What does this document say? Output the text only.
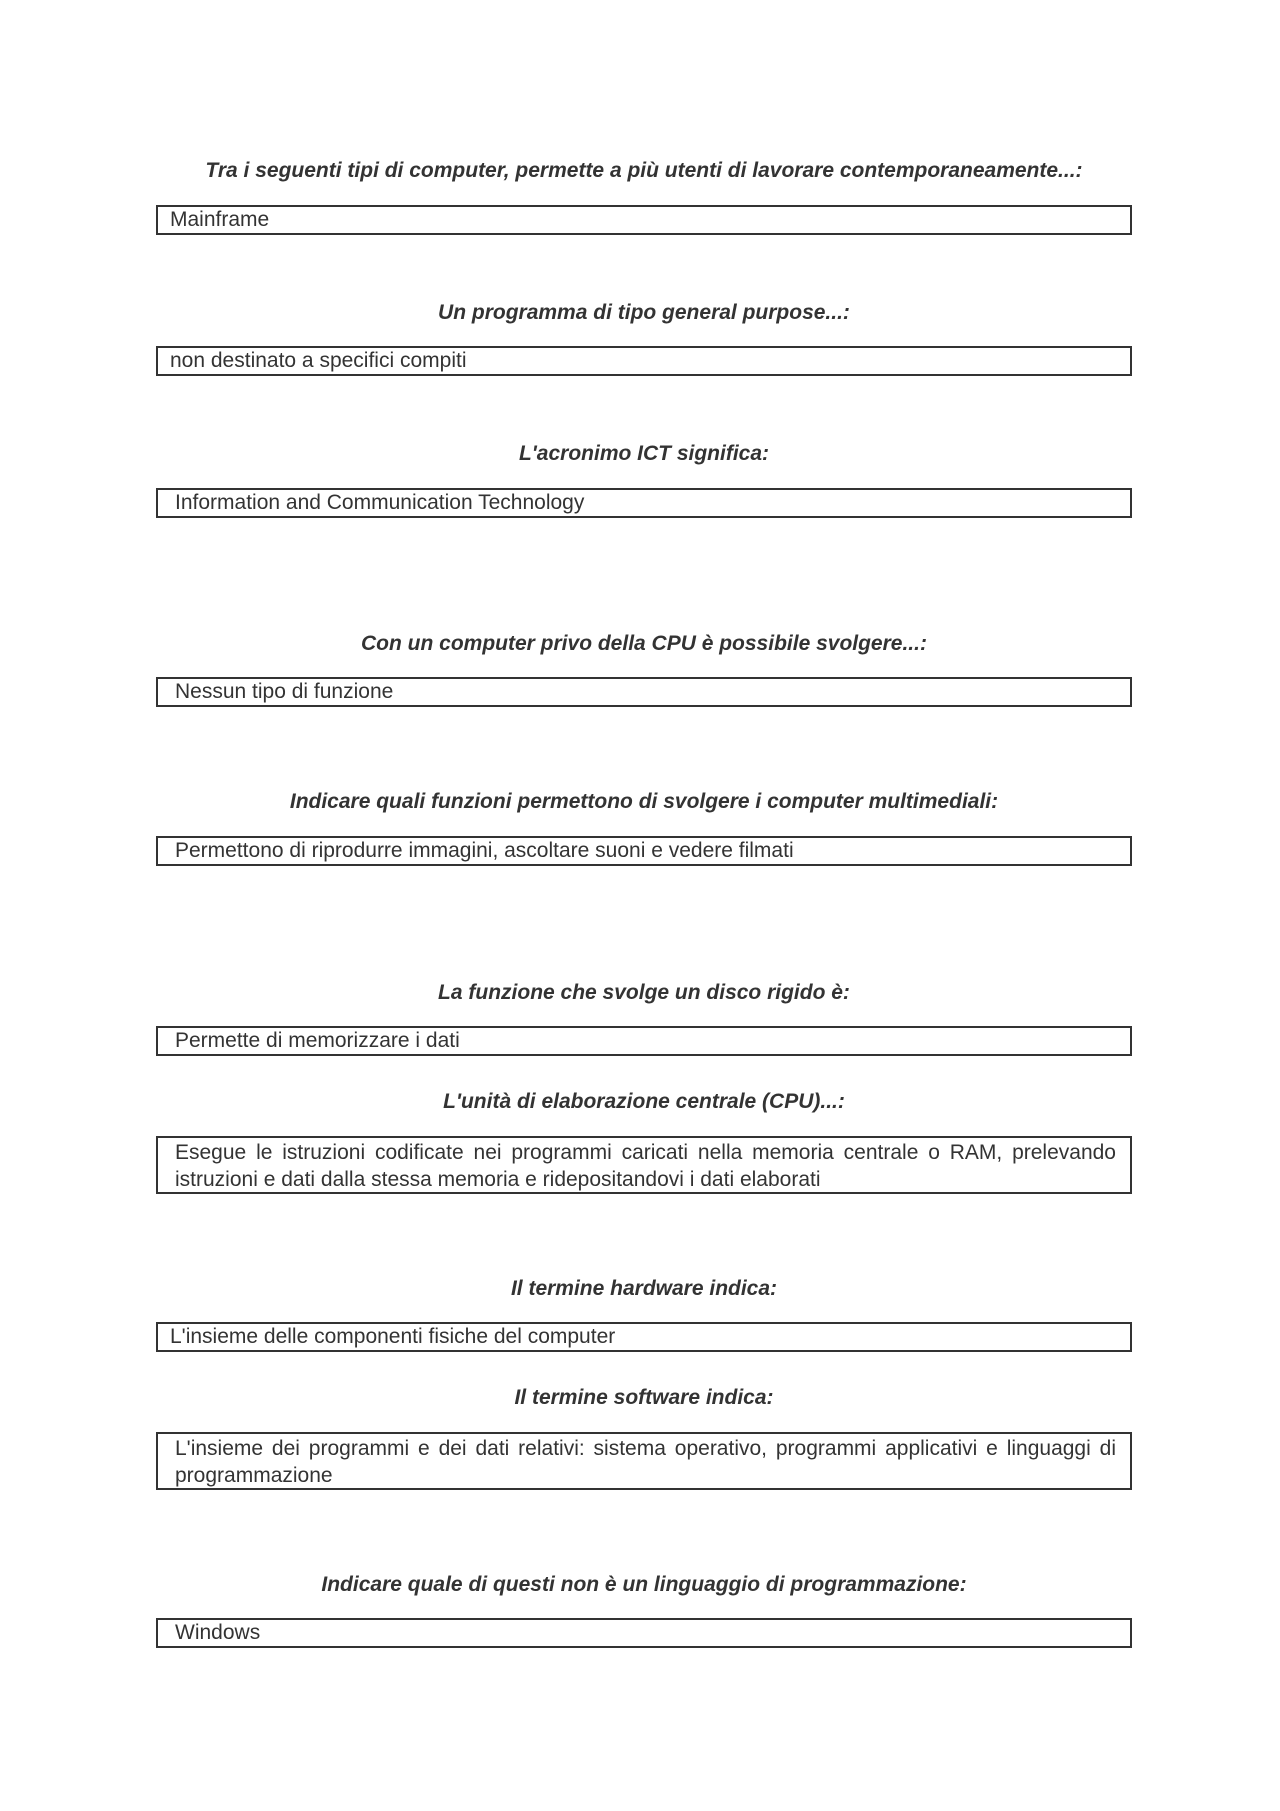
Tra i seguenti tipi di computer, permette a più utenti di lavorare contemporaneamente...:
Mainframe
Un programma di tipo general purpose...:
non destinato a specifici compiti
L'acronimo ICT significa:
Information and Communication Technology
Con un computer privo della CPU è possibile svolgere...:
Nessun tipo di funzione
Indicare quali funzioni permettono di svolgere i computer multimediali:
Permettono di riprodurre immagini, ascoltare suoni e vedere filmati
La funzione che svolge un disco rigido è:
Permette di memorizzare i dati
L'unità di elaborazione centrale (CPU)...:
Esegue le istruzioni codificate nei programmi caricati nella memoria centrale o RAM, prelevando istruzioni e dati dalla stessa memoria e ridepositandovi i dati elaborati
Il termine hardware indica:
L'insieme delle componenti fisiche del computer
Il termine software indica:
L'insieme dei programmi e dei dati relativi: sistema operativo, programmi applicativi e linguaggi di programmazione
Indicare quale di questi non è un linguaggio di programmazione:
Windows
